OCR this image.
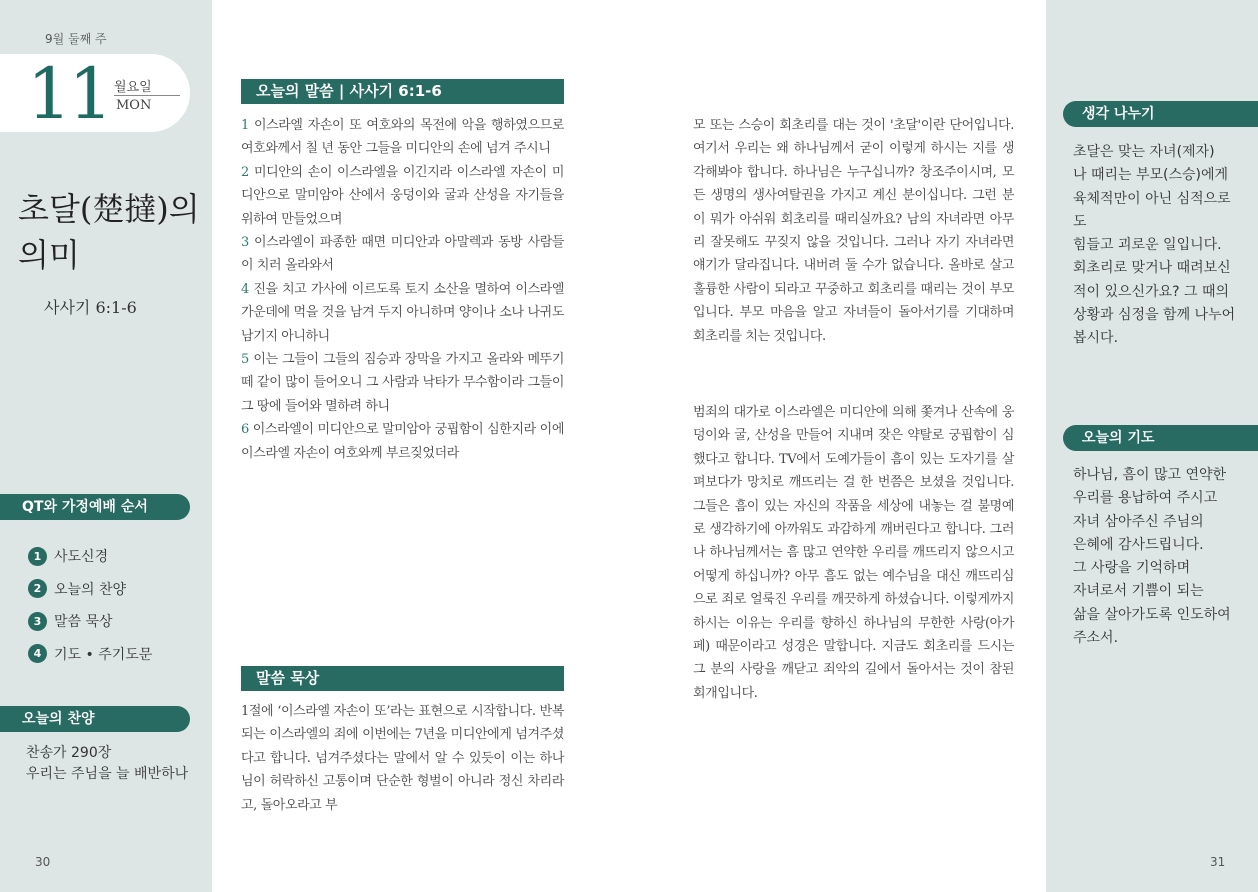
9월 둘째 주
11 월요일
MON
초달(楚撻)의 의미
사사기 6:1-6
QT와 가정예배 순서
1 사도신경
2 오늘의 찬양
3 말씀 묵상
4 기도 • 주기도문
오늘의 찬양
찬송가 290장
우리는 주님을 늘 배반하나
30
오늘의 말씀 | 사사기 6:1-6
1 이스라엘 자손이 또 여호와의 목전에 악을 행하였으므로 여호와께서 칠 년 동안 그들을 미디안의 손에 넘겨 주시니
2 미디안의 손이 이스라엘을 이긴지라 이스라엘 자손이 미디안으로 말미암아 산에서 웅덩이와 굴과 산성을 자기들을 위하여 만들었으며
3 이스라엘이 파종한 때면 미디안과 아말렉과 동방 사람들이 치러 올라와서
4 진을 치고 가사에 이르도록 토지 소산을 멸하여 이스라엘 가운데에 먹을 것을 남겨 두지 아니하며 양이나 소나 나귀도 남기지 아니하니
5 이는 그들이 그들의 짐승과 장막을 가지고 올라와 메뚜기 떼 같이 많이 들어오니 그 사람과 낙타가 무수함이라 그들이 그 땅에 들어와 멸하려 하니
6 이스라엘이 미디안으로 말미암아 궁핍함이 심한지라 이에 이스라엘 자손이 여호와께 부르짖었더라
말씀 묵상

1절에 ‘이스라엘 자손이 또’라는 표현으로 시작합니다. 반복되는 이스라엘의 죄에 이번에는 7년을 미디안에게 넘겨주셨다고 합니다. 넘겨주셨다는 말에서 알 수 있듯이 이는 하나님이 허락하신 고통이며 단순한 형벌이 아니라 정신 차리라고, 돌아오라고 부

모 또는 스승이 회초리를 대는 것이 '초달'이란 단어입니다. 여기서 우리는 왜 하나님께서 굳이 이렇게 하시는 지를 생각해봐야 합니다. 하나님은 누구십니까? 창조주이시며, 모든 생명의 생사여탈권을 가지고 계신 분이십니다. 그런 분이 뭐가 아쉬워 회초리를 때리실까요? 남의 자녀라면 아무리 잘못해도 꾸짖지 않을 것입니다. 그러나 자기 자녀라면 얘기가 달라집니다. 내버려 둘 수가 없습니다. 올바로 살고 훌륭한 사람이 되라고 꾸중하고 회초리를 때리는 것이 부모입니다. 부모 마음을 알고 자녀들이 돌아서기를 기대하며 회초리를 치는 것입니다.

범죄의 대가로 이스라엘은 미디안에 의해 쫓겨나 산속에 웅덩이와 굴, 산성을 만들어 지내며 잦은 약탈로 궁핍함이 심했다고 합니다. TV에서 도예가들이 흠이 있는 도자기를 살펴보다가 망치로 깨뜨리는 걸 한 번쯤은 보셨을 것입니다. 그들은 흠이 있는 자신의 작품을 세상에 내놓는 걸 불명예로 생각하기에 아까워도 과감하게 깨버린다고 합니다. 그러나 하나님께서는 흠 많고 연약한 우리를 깨뜨리지 않으시고 어떻게 하십니까? 아무 흠도 없는 예수님을 대신 깨뜨리심으로 죄로 얼룩진 우리를 깨끗하게 하셨습니다. 이렇게까지 하시는 이유는 우리를 향하신 하나님의 무한한 사랑(아가페) 때문이라고 성경은 말합니다. 지금도 회초리를 드시는 그 분의 사랑을 깨닫고 죄악의 길에서 돌아서는 것이 참된 회개입니다.

생각 나누기

초달은 맞는 자녀(제자)
나 때리는 부모(스승)에게
육체적만이 아닌 심적으로도
힘들고 괴로운 일입니다.
회초리로 맞거나 때려보신
적이 있으신가요? 그 때의
상황과 심정을 함께 나누어
봅시다.

오늘의 기도

하나님, 흠이 많고 연약한
우리를 용납하여 주시고
자녀 삼아주신 주님의
은혜에 감사드립니다.
그 사랑을 기억하며
자녀로서 기쁨이 되는
삶을 살아가도록 인도하여
주소서.

31
